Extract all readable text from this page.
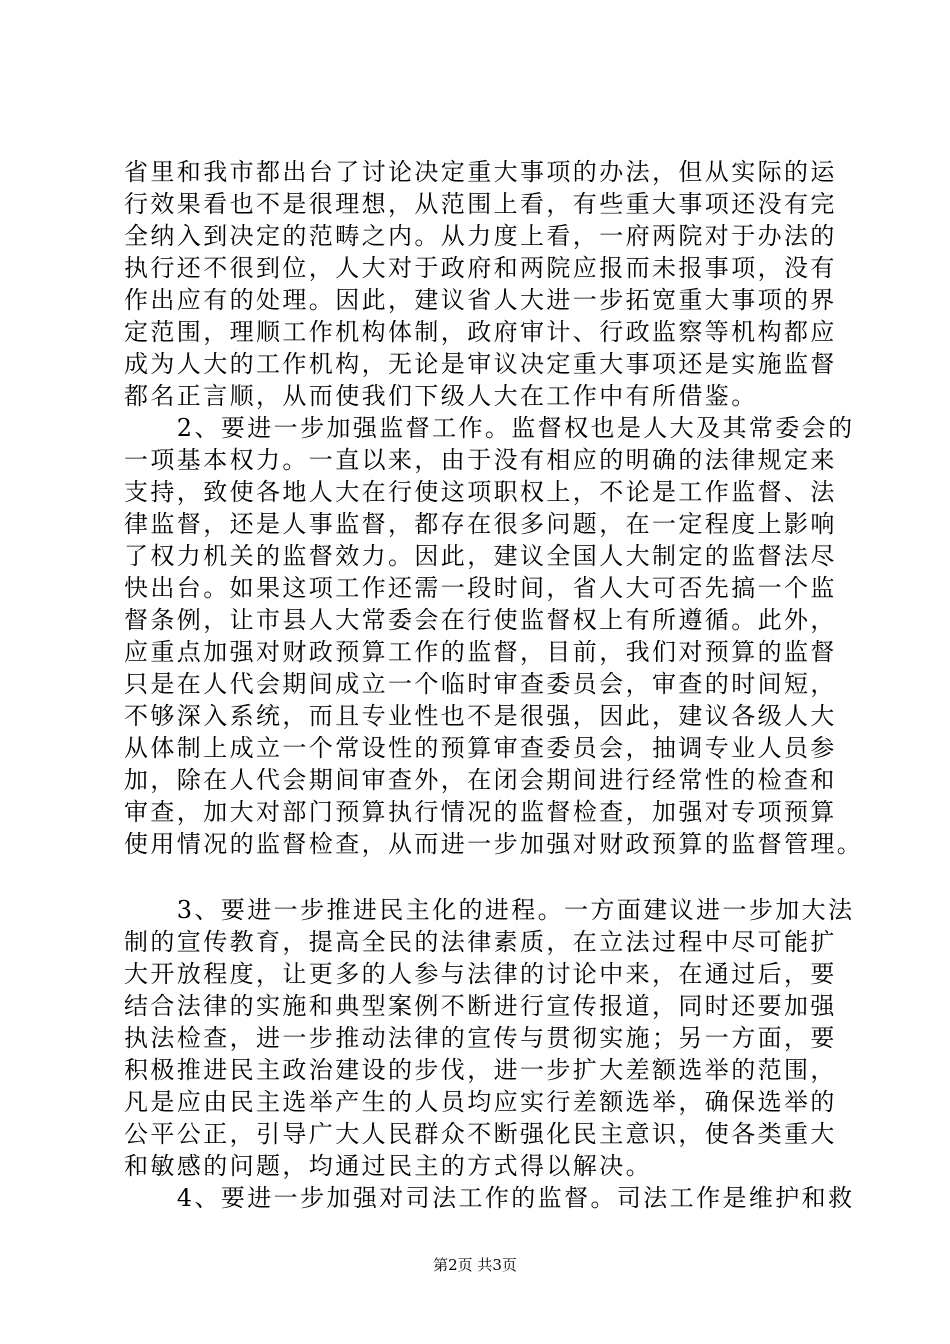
省里和我市都出台了讨论决定重大事项的办法，但从实际的运
行效果看也不是很理想，从范围上看，有些重大事项还没有完
全纳入到决定的范畴之内。从力度上看，一府两院对于办法的
执行还不很到位，人大对于政府和两院应报而未报事项，没有
作出应有的处理。因此，建议省人大进一步拓宽重大事项的界
定范围，理顺工作机构体制，政府审计、行政监察等机构都应
成为人大的工作机构，无论是审议决定重大事项还是实施监督
都名正言顺，从而使我们下级人大在工作中有所借鉴。

　　2、要进一步加强监督工作。监督权也是人大及其常委会的
一项基本权力。一直以来，由于没有相应的明确的法律规定来
支持，致使各地人大在行使这项职权上，不论是工作监督、法
律监督，还是人事监督，都存在很多问题，在一定程度上影响
了权力机关的监督效力。因此，建议全国人大制定的监督法尽
快出台。如果这项工作还需一段时间，省人大可否先搞一个监
督条例，让市县人大常委会在行使监督权上有所遵循。此外，
应重点加强对财政预算工作的监督，目前，我们对预算的监督
只是在人代会期间成立一个临时审查委员会，审查的时间短，
不够深入系统，而且专业性也不是很强，因此，建议各级人大
从体制上成立一个常设性的预算审查委员会，抽调专业人员参
加，除在人代会期间审查外，在闭会期间进行经常性的检查和
审查，加大对部门预算执行情况的监督检查，加强对专项预算
使用情况的监督检查，从而进一步加强对财政预算的监督管理。

　　3、要进一步推进民主化的进程。一方面建议进一步加大法
制的宣传教育，提高全民的法律素质，在立法过程中尽可能扩
大开放程度，让更多的人参与法律的讨论中来，在通过后，要
结合法律的实施和典型案例不断进行宣传报道，同时还要加强
执法检查，进一步推动法律的宣传与贯彻实施；另一方面，要
积极推进民主政治建设的步伐，进一步扩大差额选举的范围，
凡是应由民主选举产生的人员均应实行差额选举，确保选举的
公平公正，引导广大人民群众不断强化民主意识，使各类重大
和敏感的问题，均通过民主的方式得以解决。

　　4、要进一步加强对司法工作的监督。司法工作是维护和救

第2页 共3页
